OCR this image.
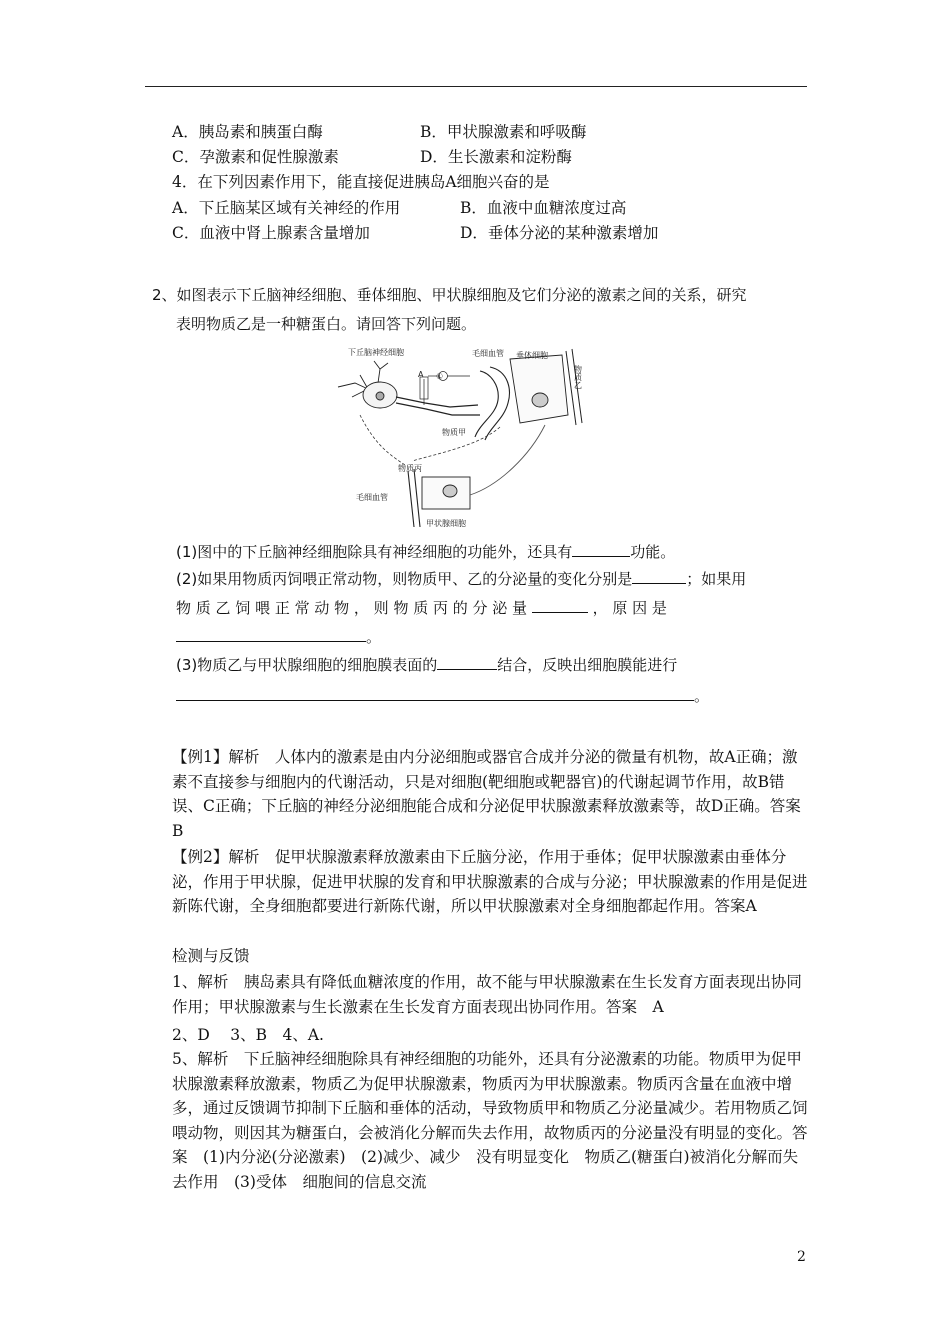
A．胰岛素和胰蛋白酶	B．甲状腺激素和呼吸酶
C．孕激素和促性腺激素	D．生长激素和淀粉酶
4．在下列因素作用下，能直接促进胰岛A细胞兴奋的是
A．下丘脑某区域有关神经的作用	B．血液中血糖浓度过高
C．血液中肾上腺素含量增加	D．垂体分泌的某种激素增加
2、如图表示下丘脑神经细胞、垂体细胞、甲状腺细胞及它们分泌的激素之间的关系，研究
表明物质乙是一种糖蛋白。请回答下列问题。
A ①
下丘脑神经细胞	毛细血管 垂体细胞
物质乙
物质甲
物质丙
毛细血管
甲状腺细胞
(1)图中的下丘脑神经细胞除具有神经细胞的功能外，还具有	功能。
(2)如果用物质丙饲喂正常动物，则物质甲、乙的分泌量的变化分别是	；如果用
物 质 乙 饲 喂 正 常 动 物 ， 则 物 质 丙 的 分 泌 量	， 原 因 是
。
(3)物质乙与甲状腺细胞的细胞膜表面的	结合，反映出细胞膜能进行
。
【例1】解析　人体内的激素是由内分泌细胞或器官合成并分泌的微量有机物，故A正确；激素不直接参与细胞内的代谢活动，只是对细胞(靶细胞或靶器官)的代谢起调节作用，故B错误、C正确；下丘脑的神经分泌细胞能合成和分泌促甲状腺激素释放激素等，故D正确。答案　B
【例2】解析　促甲状腺激素释放激素由下丘脑分泌，作用于垂体；促甲状腺激素由垂体分泌，作用于甲状腺，促进甲状腺的发育和甲状腺激素的合成与分泌；甲状腺激素的作用是促进新陈代谢，全身细胞都要进行新陈代谢，所以甲状腺激素对全身细胞都起作用。答案A
检测与反馈
1、解析　胰岛素具有降低血糖浓度的作用，故不能与甲状腺激素在生长发育方面表现出协同作用；甲状腺激素与生长激素在生长发育方面表现出协同作用。答案　A
2、D　 3、B　4、A.
5、解析　下丘脑神经细胞除具有神经细胞的功能外，还具有分泌激素的功能。物质甲为促甲状腺激素释放激素，物质乙为促甲状腺激素，物质丙为甲状腺激素。物质丙含量在血液中增多，通过反馈调节抑制下丘脑和垂体的活动，导致物质甲和物质乙分泌量减少。若用物质乙饲喂动物，则因其为糖蛋白，会被消化分解而失去作用，故物质丙的分泌量没有明显的变化。答案　(1)内分泌(分泌激素)　(2)减少、减少　没有明显变化　物质乙(糖蛋白)被消化分解而失去作用　(3)受体　细胞间的信息交流
2
